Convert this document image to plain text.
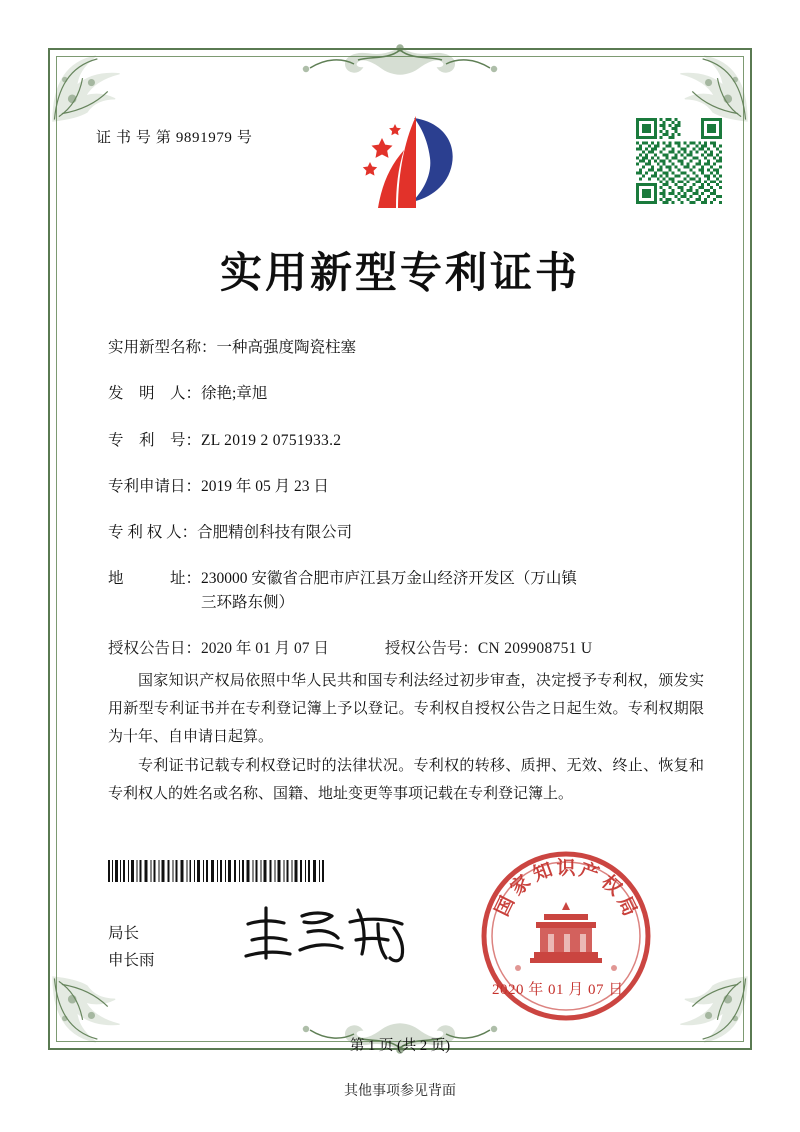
证 书 号 第 9891979 号
实用新型专利证书
实用新型名称： 一种高强度陶瓷柱塞
发　明　人： 徐艳;章旭
专　利　号： ZL 2019 2 0751933.2
专利申请日： 2019 年 05 月 23 日
专 利 权 人： 合肥精创科技有限公司
地　　　址： 230000 安徽省合肥市庐江县万金山经济开发区（万山镇
三环路东侧）
授权公告日： 2020 年 01 月 07 日	授权公告号： CN 209908751 U

国家知识产权局依照中华人民共和国专利法经过初步审查，决定授予专利权，颁发实用新型专利证书并在专利登记簿上予以登记。专利权自授权公告之日起生效。专利权期限为十年、自申请日起算。

专利证书记载专利权登记时的法律状况。专利权的转移、质押、无效、终止、恢复和专利权人的姓名或名称、国籍、地址变更等事项记载在专利登记簿上。

局长
申长雨
国
家
知 识 产
权
局
2020 年 01 月 07 日
第 1 页 (共 2 页)
其他事项参见背面
